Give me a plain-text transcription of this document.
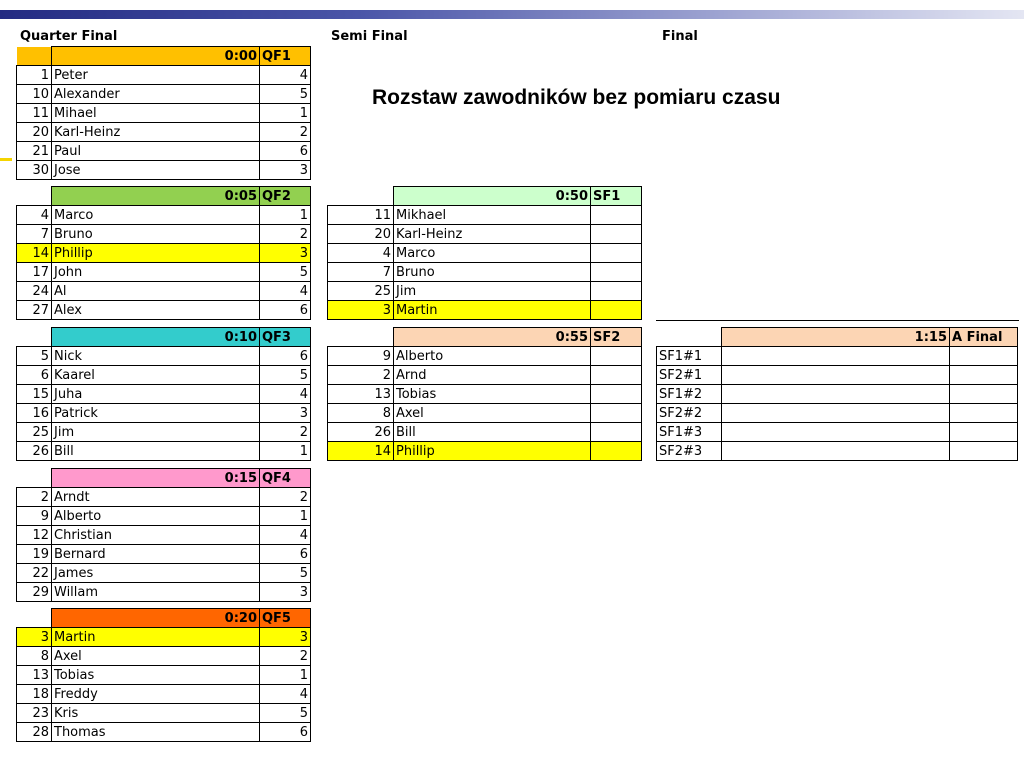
Quarter Final	Semi Final	Final
Rozstaw zawodników bez pomiaru czasu
	0:00	QF1
1	Peter	4
10	Alexander	5
11	Mihael	1
20	Karl-Heinz	2
21	Paul	6
30	Jose	3
	0:05	QF2
4	Marco	1
7	Bruno	2
14	Phillip	3
17	John	5
24	Al	4
27	Alex	6
	0:10	QF3
5	Nick	6
6	Kaarel	5
15	Juha	4
16	Patrick	3
25	Jim	2
26	Bill	1
	0:15	QF4
2	Arndt	2
9	Alberto	1
12	Christian	4
19	Bernard	6
22	James	5
29	Willam	3
	0:20	QF5
3	Martin	3
8	Axel	2
13	Tobias	1
18	Freddy	4
23	Kris	5
28	Thomas	6
	0:50	SF1
11	Mikhael	
20	Karl-Heinz	
4	Marco	
7	Bruno	
25	Jim	
3	Martin	
	0:55	SF2
9	Alberto	
2	Arnd	
13	Tobias	
8	Axel	
26	Bill	
14	Phillip	
	1:15	A Final
SF1#1		
SF2#1		
SF1#2		
SF2#2		
SF1#3		
SF2#3		
